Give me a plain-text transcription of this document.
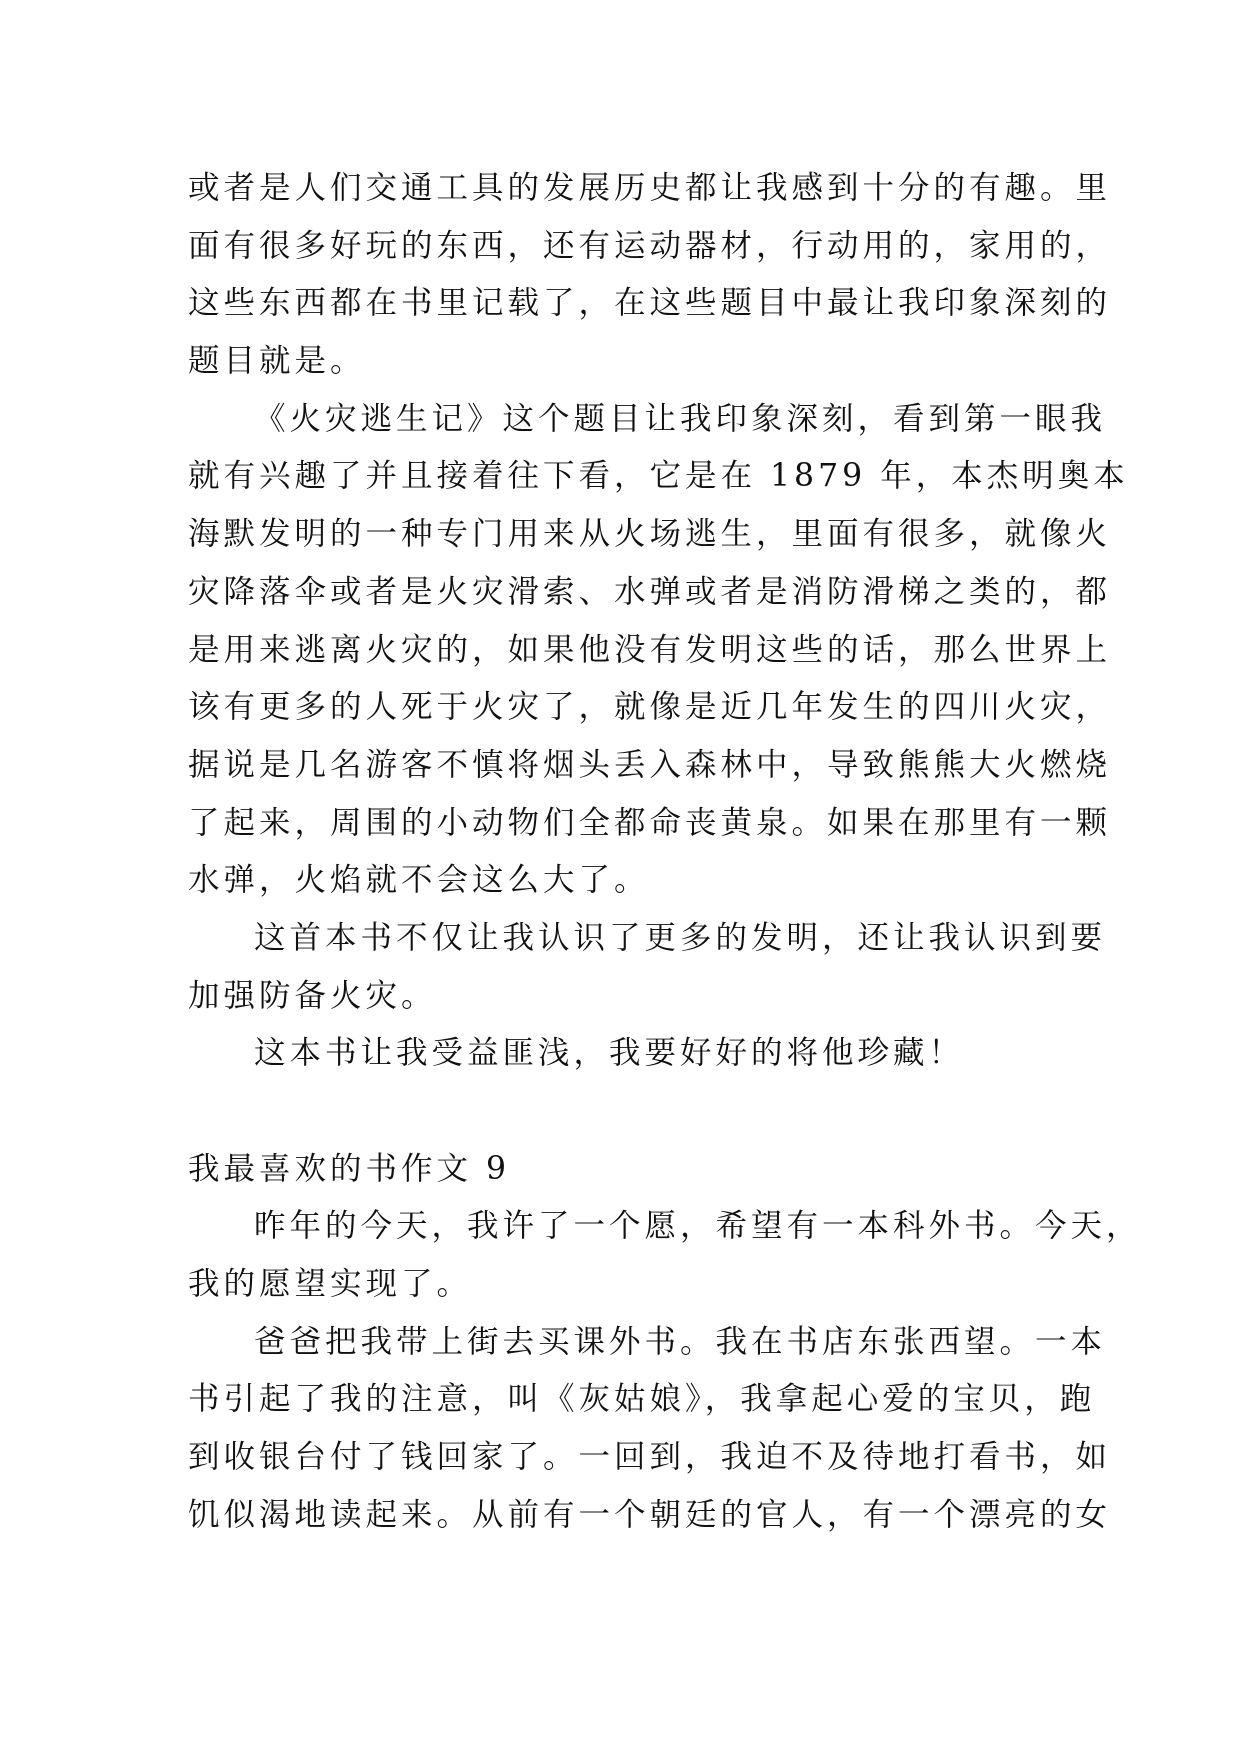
或者是人们交通工具的发展历史都让我感到十分的有趣。里
面有很多好玩的东西，还有运动器材，行动用的，家用的，
这些东西都在书里记载了，在这些题目中最让我印象深刻的
题目就是。
《火灾逃生记》这个题目让我印象深刻，看到第一眼我
就有兴趣了并且接着往下看，它是在 1879 年，本杰明奥本
海默发明的一种专门用来从火场逃生，里面有很多，就像火
灾降落伞或者是火灾滑索、水弹或者是消防滑梯之类的，都
是用来逃离火灾的，如果他没有发明这些的话，那么世界上
该有更多的人死于火灾了，就像是近几年发生的四川火灾，
据说是几名游客不慎将烟头丢入森林中，导致熊熊大火燃烧
了起来，周围的小动物们全都命丧黄泉。如果在那里有一颗
水弹，火焰就不会这么大了。
这首本书不仅让我认识了更多的发明，还让我认识到要
加强防备火灾。
这本书让我受益匪浅，我要好好的将他珍藏！
我最喜欢的书作文 9
昨年的今天，我许了一个愿，希望有一本科外书。今天，
我的愿望实现了。
爸爸把我带上街去买课外书。我在书店东张西望。一本
书引起了我的注意，叫《灰姑娘》，我拿起心爱的宝贝，跑
到收银台付了钱回家了。一回到，我迫不及待地打看书，如
饥似渴地读起来。从前有一个朝廷的官人，有一个漂亮的女
